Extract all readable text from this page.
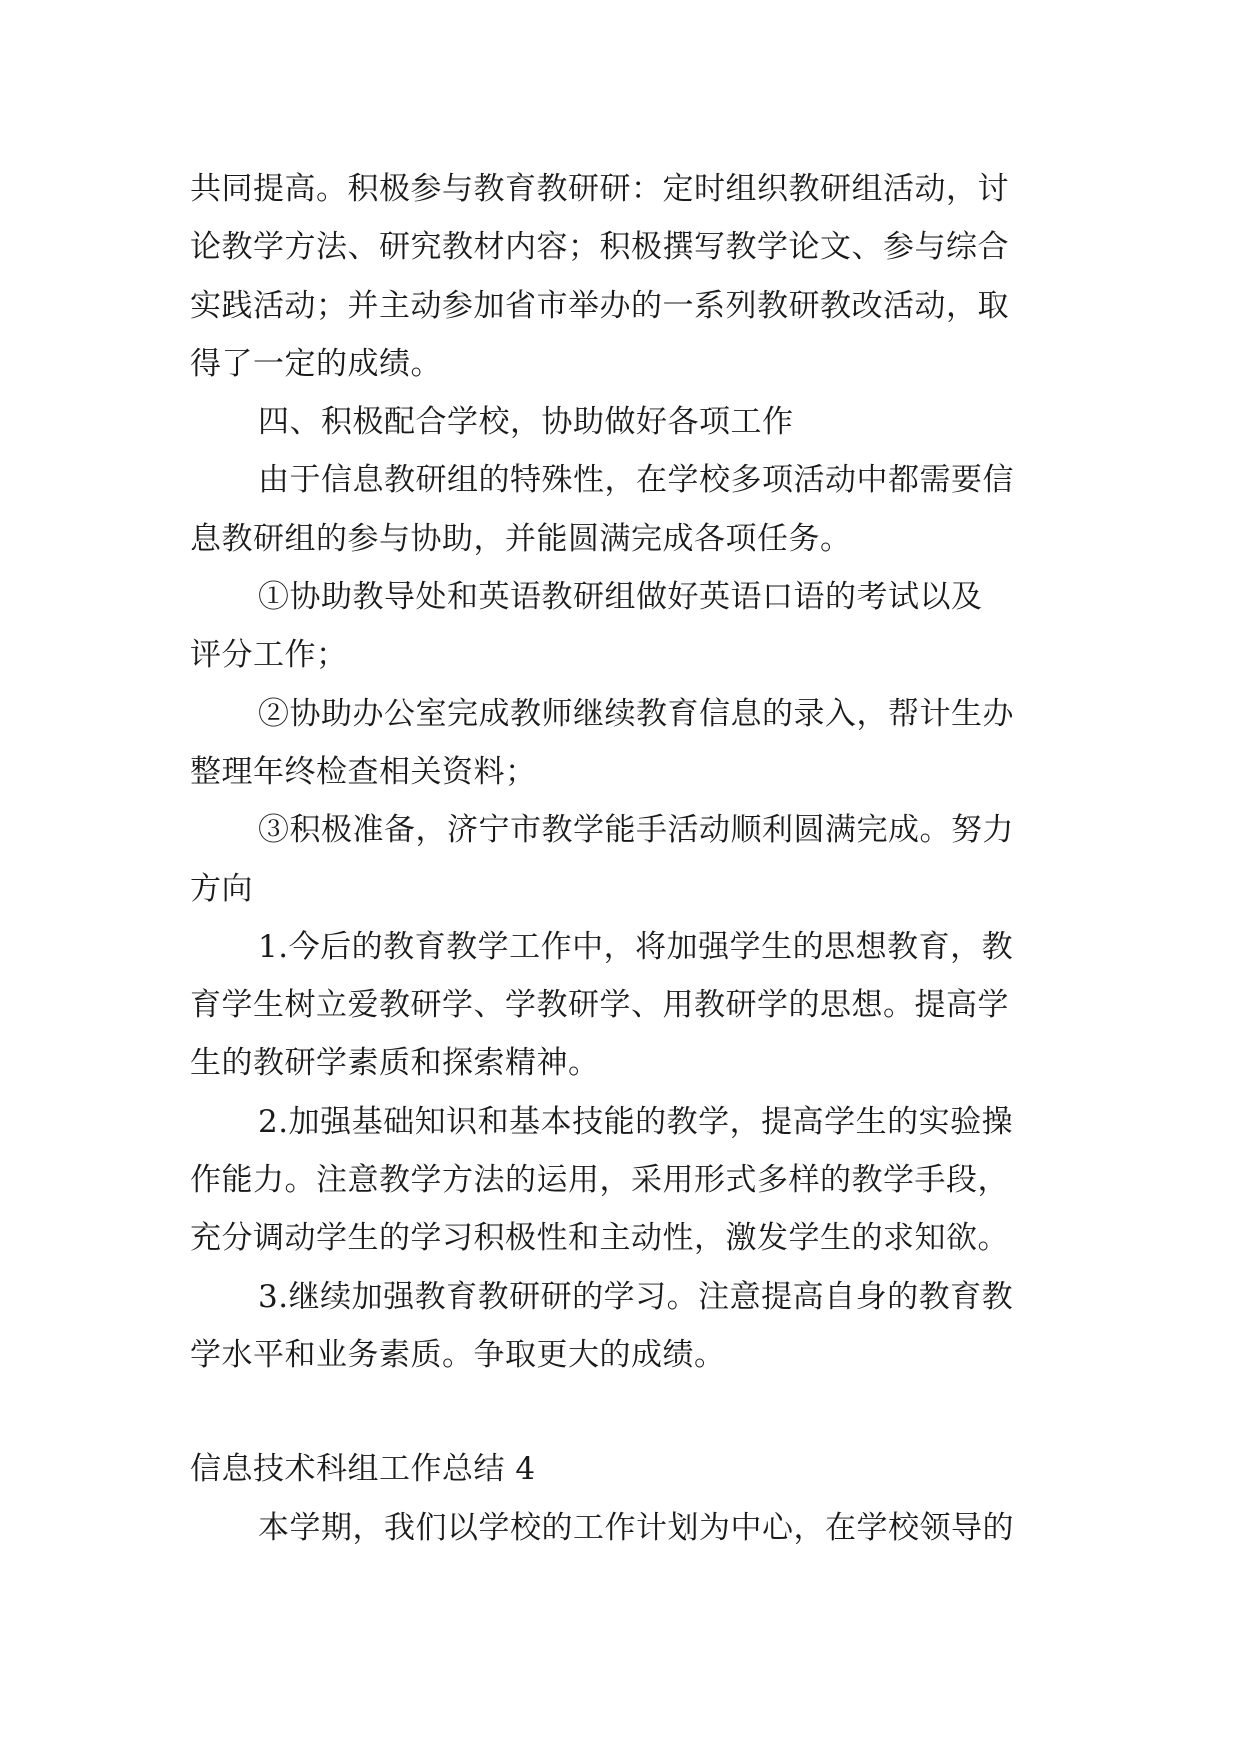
共同提高。积极参与教育教研研：定时组织教研组活动，讨
论教学方法、研究教材内容；积极撰写教学论文、参与综合
实践活动；并主动参加省市举办的一系列教研教改活动，取
得了一定的成绩。
四、积极配合学校，协助做好各项工作
由于信息教研组的特殊性，在学校多项活动中都需要信
息教研组的参与协助，并能圆满完成各项任务。
①协助教导处和英语教研组做好英语口语的考试以及
评分工作；
②协助办公室完成教师继续教育信息的录入，帮计生办
整理年终检查相关资料；
③积极准备，济宁市教学能手活动顺利圆满完成。努力
方向
1.今后的教育教学工作中，将加强学生的思想教育，教
育学生树立爱教研学、学教研学、用教研学的思想。提高学
生的教研学素质和探索精神。
2.加强基础知识和基本技能的教学，提高学生的实验操
作能力。注意教学方法的运用，采用形式多样的教学手段，
充分调动学生的学习积极性和主动性，激发学生的求知欲。
3.继续加强教育教研研的学习。注意提高自身的教育教
学水平和业务素质。争取更大的成绩。
信息技术科组工作总结 4
本学期，我们以学校的工作计划为中心，在学校领导的
